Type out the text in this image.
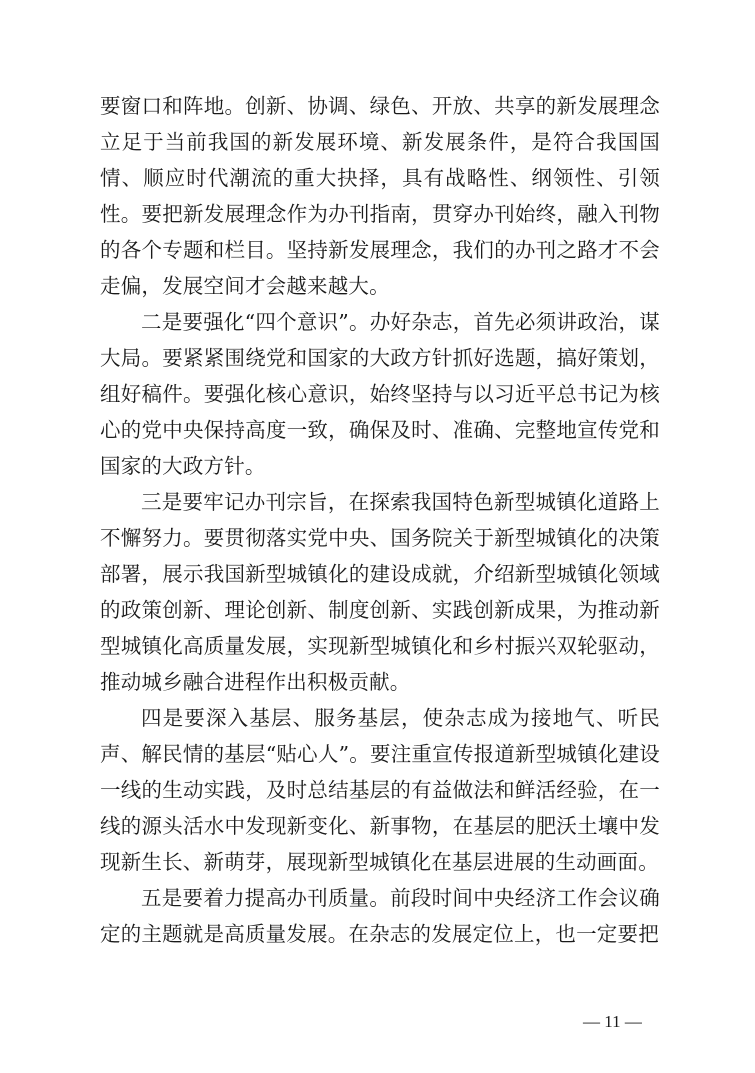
要窗口和阵地。创新、协调、绿色、开放、共享的新发展理念立足于当前我国的新发展环境、新发展条件，是符合我国国情、顺应时代潮流的重大抉择，具有战略性、纲领性、引领性。要把新发展理念作为办刊指南，贯穿办刊始终，融入刊物的各个专题和栏目。坚持新发展理念，我们的办刊之路才不会走偏，发展空间才会越来越大。

二是要强化“四个意识”。办好杂志，首先必须讲政治，谋大局。要紧紧围绕党和国家的大政方针抓好选题，搞好策划，组好稿件。要强化核心意识，始终坚持与以习近平总书记为核心的党中央保持高度一致，确保及时、准确、完整地宣传党和国家的大政方针。

三是要牢记办刊宗旨，在探索我国特色新型城镇化道路上不懈努力。要贯彻落实党中央、国务院关于新型城镇化的决策部署，展示我国新型城镇化的建设成就，介绍新型城镇化领域的政策创新、理论创新、制度创新、实践创新成果，为推动新型城镇化高质量发展，实现新型城镇化和乡村振兴双轮驱动，推动城乡融合进程作出积极贡献。

四是要深入基层、服务基层，使杂志成为接地气、听民声、解民情的基层“贴心人”。要注重宣传报道新型城镇化建设一线的生动实践，及时总结基层的有益做法和鲜活经验，在一线的源头活水中发现新变化、新事物，在基层的肥沃土壤中发现新生长、新萌芽，展现新型城镇化在基层进展的生动画面。

五是要着力提高办刊质量。前段时间中央经济工作会议确定的主题就是高质量发展。在杂志的发展定位上，也一定要把

— 11 —
